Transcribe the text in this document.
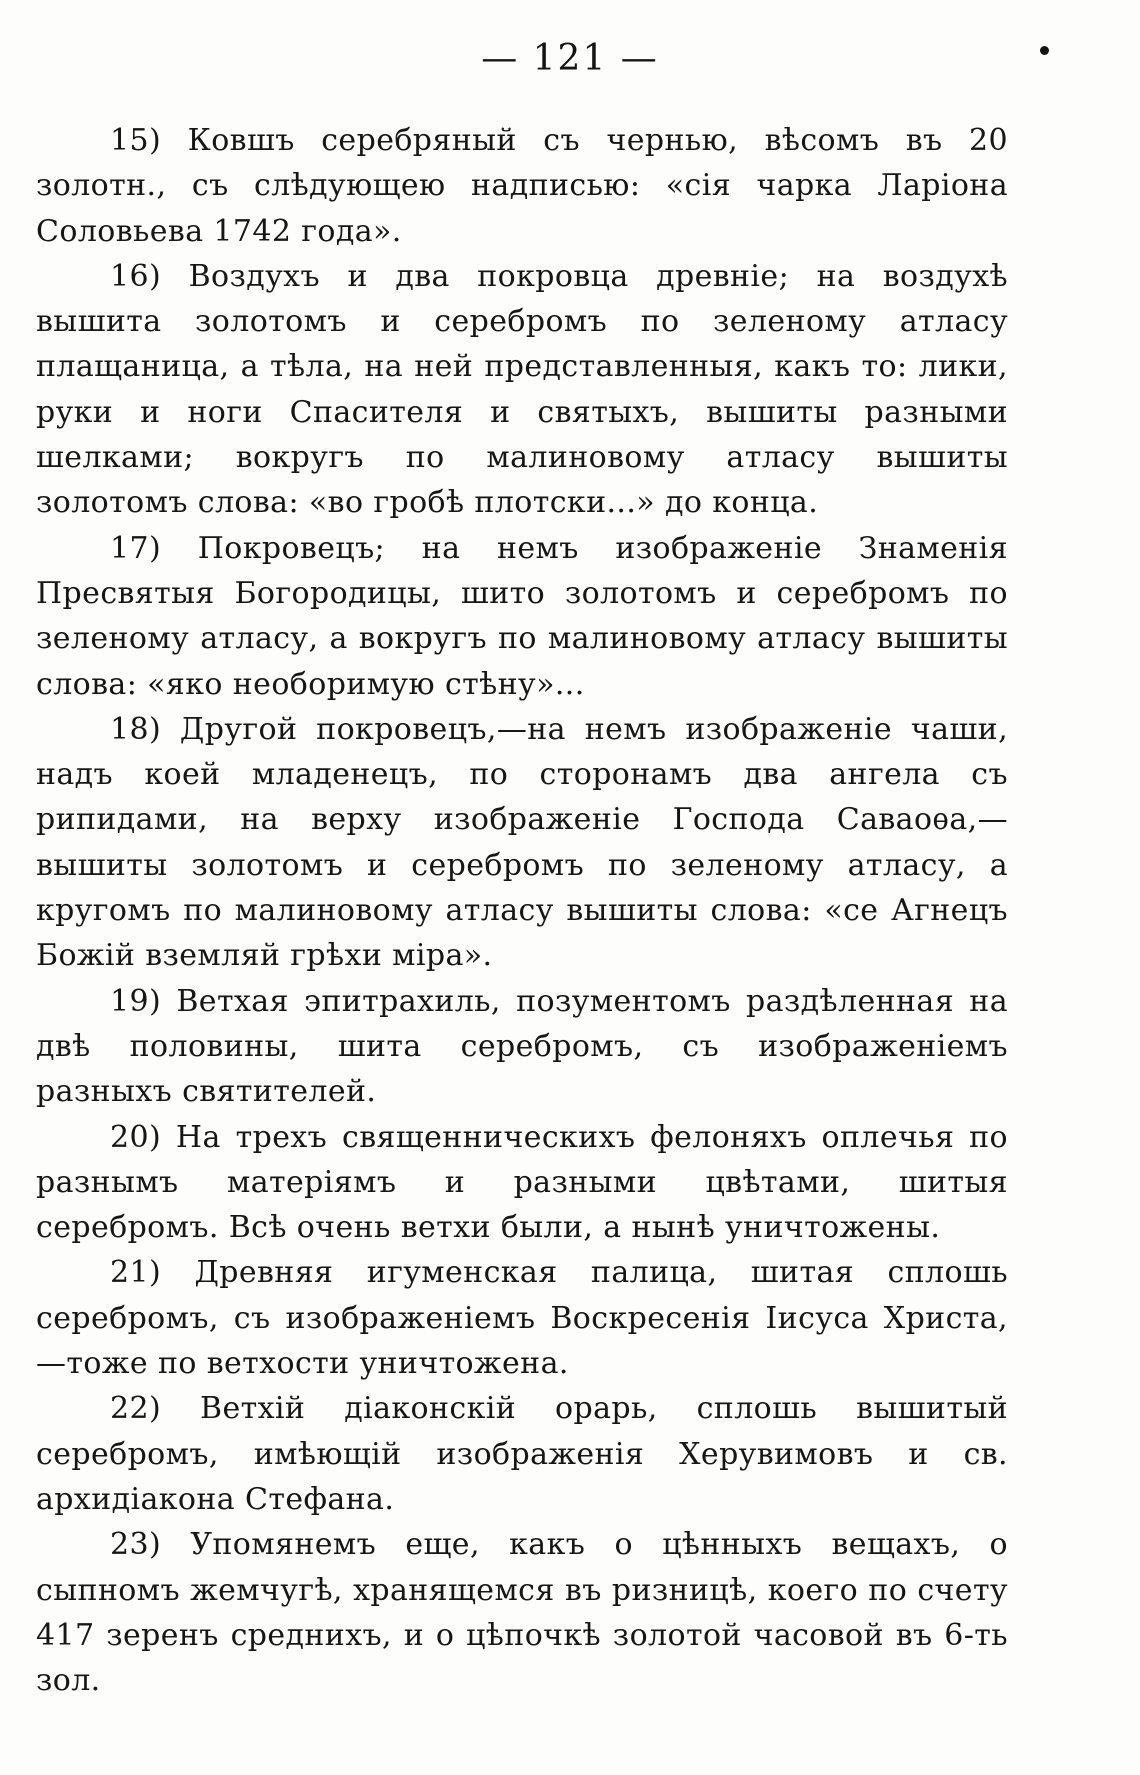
— 121 —

15) Ковшъ серебряный съ чернью, вѣсомъ въ 20 золотн., съ слѣдующею надписью: «сія чарка Ларіона Соловьева 1742 года».

16) Воздухъ и два покровца древніе; на воздухѣ вышита золотомъ и серебромъ по зеленому атласу плащаница, а тѣла, на ней представленныя, какъ то: лики, руки и ноги Спасителя и святыхъ, вышиты разными шелками; вокругъ по малиновому атласу вышиты золотомъ слова: «во гробѣ плотски...» до конца.

17) Покровецъ; на немъ изображеніе Знаменія Пресвятыя Богородицы, шито золотомъ и серебромъ по зеленому атласу, а вокругъ по малиновому атласу вышиты слова: «яко необоримую стѣну»...

18) Другой покровецъ,—на немъ изображеніе чаши, надъ коей младенецъ, по сторонамъ два ангела съ рипидами, на верху изображеніе Господа Саваоѳа,—вышиты золотомъ и серебромъ по зеленому атласу, а кругомъ по малиновому атласу вышиты слова: «се Агнецъ Божій вземляй грѣхи міра».

19) Ветхая эпитрахиль, позументомъ раздѣленная на двѣ половины, шита серебромъ, съ изображеніемъ разныхъ святителей.

20) На трехъ священническихъ фелоняхъ оплечья по разнымъ матеріямъ и разными цвѣтами, шитыя серебромъ. Всѣ очень ветхи были, а нынѣ уничтожены.

21) Древняя игуменская палица, шитая сплошь серебромъ, съ изображеніемъ Воскресенія Іисуса Христа,—тоже по ветхости уничтожена.

22) Ветхій діаконскій орарь, сплошь вышитый серебромъ, имѣющій изображенія Херувимовъ и св. архидіакона Стефана.

23) Упомянемъ еще, какъ о цѣнныхъ вещахъ, о сыпномъ жемчугѣ, хранящемся въ ризницѣ, коего по счету 417 зеренъ среднихъ, и о цѣпочкѣ золотой часовой въ 6-ть зол.
